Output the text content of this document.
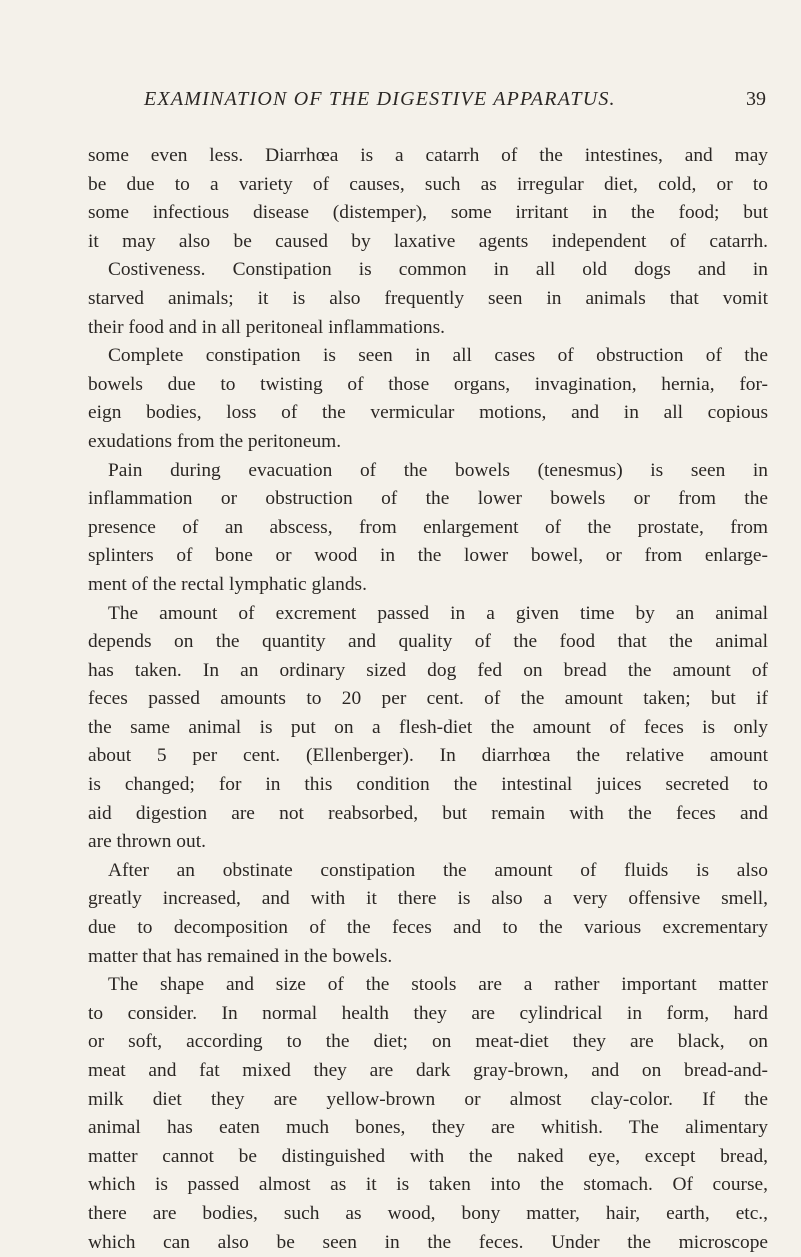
EXAMINATION OF THE DIGESTIVE APPARATUS.	39
some even less. Diarrhœa is a catarrh of the intestines, and may
be due to a variety of causes, such as irregular diet, cold, or to
some infectious disease (distemper), some irritant in the food; but
it may also be caused by laxative agents independent of catarrh.
Costiveness. Constipation is common in all old dogs and in
starved animals; it is also frequently seen in animals that vomit
their food and in all peritoneal inflammations.
Complete constipation is seen in all cases of obstruction of the
bowels due to twisting of those organs, invagination, hernia, for-
eign bodies, loss of the vermicular motions, and in all copious
exudations from the peritoneum.
Pain during evacuation of the bowels (tenesmus) is seen in
inflammation or obstruction of the lower bowels or from the
presence of an abscess, from enlargement of the prostate, from
splinters of bone or wood in the lower bowel, or from enlarge-
ment of the rectal lymphatic glands.
The amount of excrement passed in a given time by an animal
depends on the quantity and quality of the food that the animal
has taken. In an ordinary sized dog fed on bread the amount of
feces passed amounts to 20 per cent. of the amount taken; but if
the same animal is put on a flesh-diet the amount of feces is only
about 5 per cent. (Ellenberger). In diarrhœa the relative amount
is changed; for in this condition the intestinal juices secreted to
aid digestion are not reabsorbed, but remain with the feces and
are thrown out.
After an obstinate constipation the amount of fluids is also
greatly increased, and with it there is also a very offensive smell,
due to decomposition of the feces and to the various excrementary
matter that has remained in the bowels.
The shape and size of the stools are a rather important matter
to consider. In normal health they are cylindrical in form, hard
or soft, according to the diet; on meat-diet they are black, on
meat and fat mixed they are dark gray-brown, and on bread-and-
milk diet they are yellow-brown or almost clay-color. If the
animal has eaten much bones, they are whitish. The alimentary
matter cannot be distinguished with the naked eye, except bread,
which is passed almost as it is taken into the stomach. Of course,
there are bodies, such as wood, bony matter, hair, earth, etc.,
which can also be seen in the feces. Under the microscope
